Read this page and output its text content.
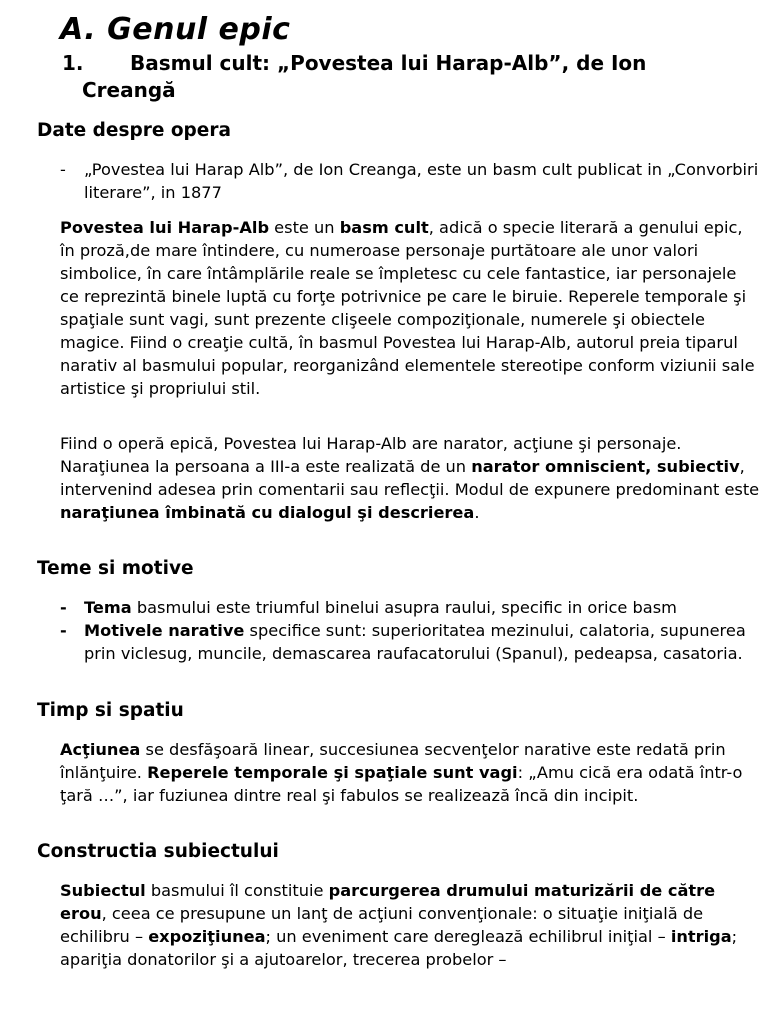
A. Genul epic
1. Basmul cult: „Povestea lui Harap-Alb”, de Ion
Creangă
Date despre opera
-	„Povestea lui Harap Alb”, de Ion Creanga, este un basm cult publicat in „Convorbiri literare”, in 1877

Povestea lui Harap-Alb este un basm cult, adică o specie literară a genului epic, în proză,de mare întindere, cu numeroase personaje purtătoare ale unor valori simbolice, în care întâmplările reale se împletesc cu cele fantastice, iar personajele ce reprezintă binele luptă cu forţe potrivnice pe care le biruie. Reperele temporale şi spaţiale sunt vagi, sunt prezente clişeele compoziţionale, numerele şi obiectele magice. Fiind o creaţie cultă, în basmul Povestea lui Harap-Alb, autorul preia tiparul narativ al basmului popular, reorganizând elementele stereotipe conform viziunii sale artistice şi propriului stil.

Fiind o operă epică, Povestea lui Harap-Alb are narator, acţiune şi personaje. Naraţiunea la persoana a III-a este realizată de un narator omniscient, subiectiv, intervenind adesea prin comentarii sau reflecţii. Modul de expunere predominant este naraţiunea îmbinată cu dialogul şi descrierea.

Teme si motive
-	Tema basmului este triumful binelui asupra raului, specific in orice basm
-	Motivele narative specifice sunt: superioritatea mezinului, calatoria, supunerea prin viclesug, muncile, demascarea raufacatorului (Spanul), pedeapsa, casatoria.
Timp si spatiu

Acţiunea se desfăşoară linear, succesiunea secvenţelor narative este redată prin înlănţuire. Reperele temporale şi spaţiale sunt vagi: „Amu cică era odată într-o ţară …”, iar fuziunea dintre real şi fabulos se realizează încă din incipit.

Constructia subiectului

Subiectul basmului îl constituie parcurgerea drumului maturizării de către erou, ceea ce presupune un lanţ de acţiuni convenţionale: o situaţie iniţială de echilibru – expoziţiunea; un eveniment care dereglează echilibrul iniţial – intriga; apariţia donatorilor şi a ajutoarelor, trecerea probelor –
